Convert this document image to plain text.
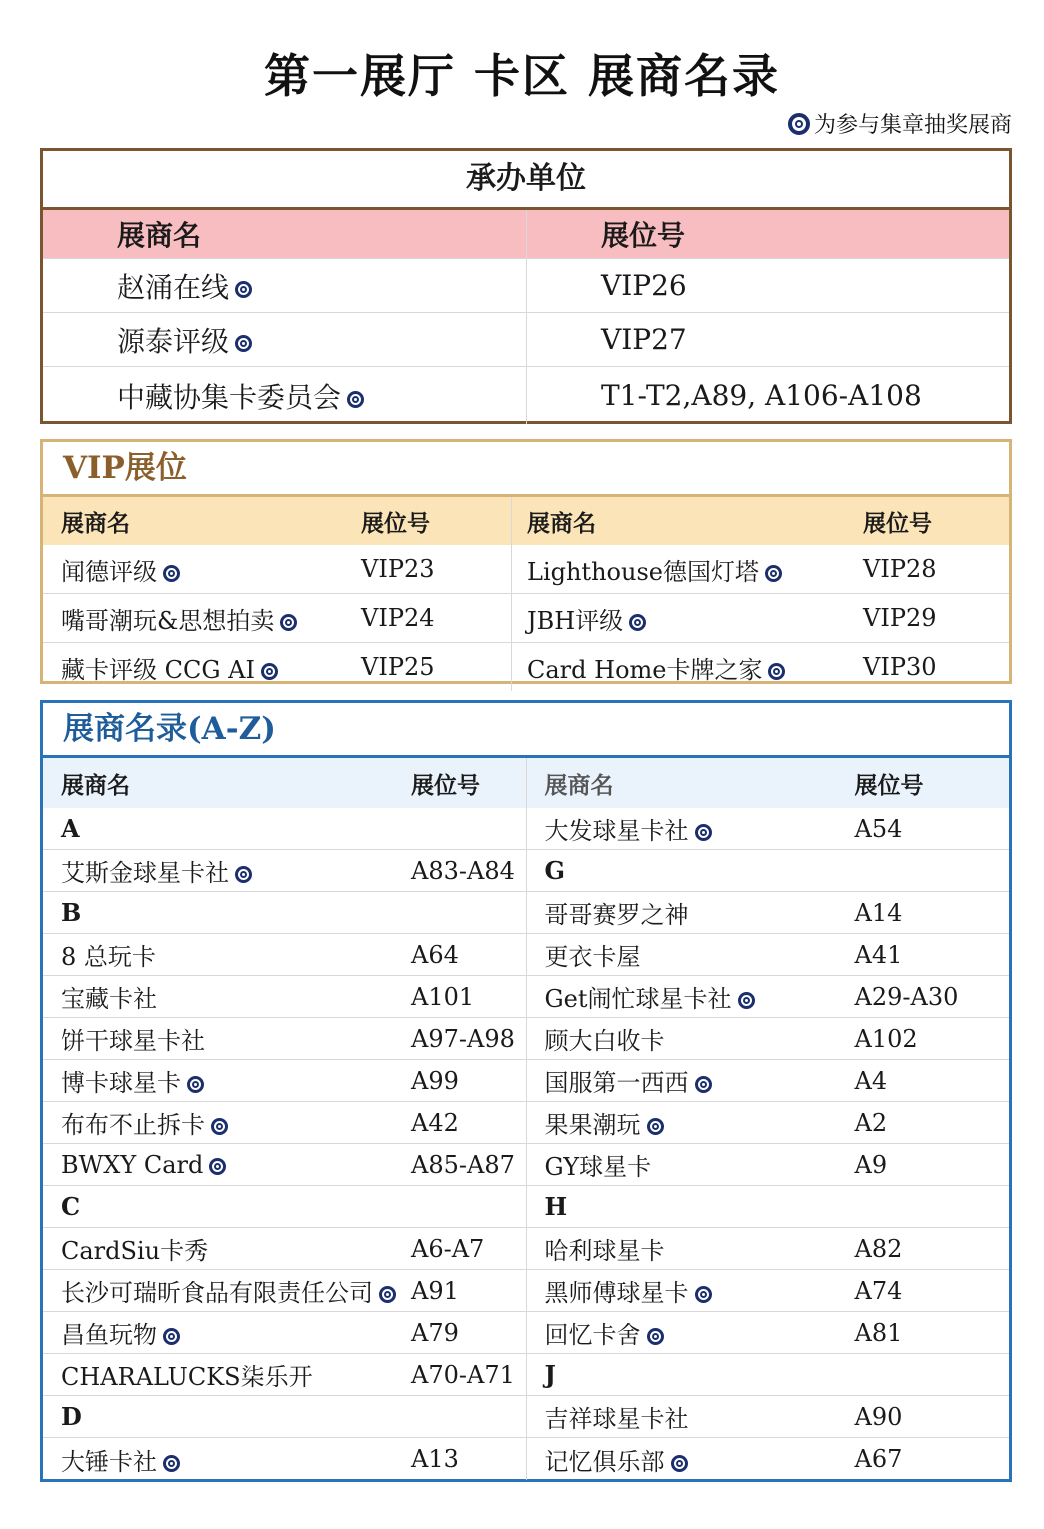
第一展厅 卡区 展商名录
为参与集章抽奖展商
承办单位
展商名	展位号
赵涌在线	VIP26
源泰评级	VIP27
中藏协集卡委员会	T1-T2,A89, A106-A108
VIP展位
展商名	展位号	展商名	展位号
闻德评级	VIP23	Lighthouse德国灯塔	VIP28
嘴哥潮玩&思想拍卖	VIP24	JBH评级	VIP29
藏卡评级 CCG AI	VIP25	Card Home卡牌之家	VIP30
展商名录(A-Z)
展商名	展位号
A
艾斯金球星卡社	A83-A84
B
8 总玩卡	A64
宝藏卡社	A101
饼干球星卡社	A97-A98
博卡球星卡	A99
布布不止拆卡	A42
BWXY Card	A85-A87
C
CardSiu卡秀	A6-A7
长沙可瑞昕食品有限责任公司	A91
昌鱼玩物	A79
CHARALUCKS柒乐开	A70-A71
D
大锤卡社	A13
展商名	展位号
大发球星卡社	A54
G
哥哥赛罗之神	A14
更衣卡屋	A41
Get闹忙球星卡社	A29-A30
顾大白收卡	A102
国服第一西西	A4
果果潮玩	A2
GY球星卡	A9
H
哈利球星卡	A82
黑师傅球星卡	A74
回忆卡舍	A81
J
吉祥球星卡社	A90
记忆俱乐部	A67
